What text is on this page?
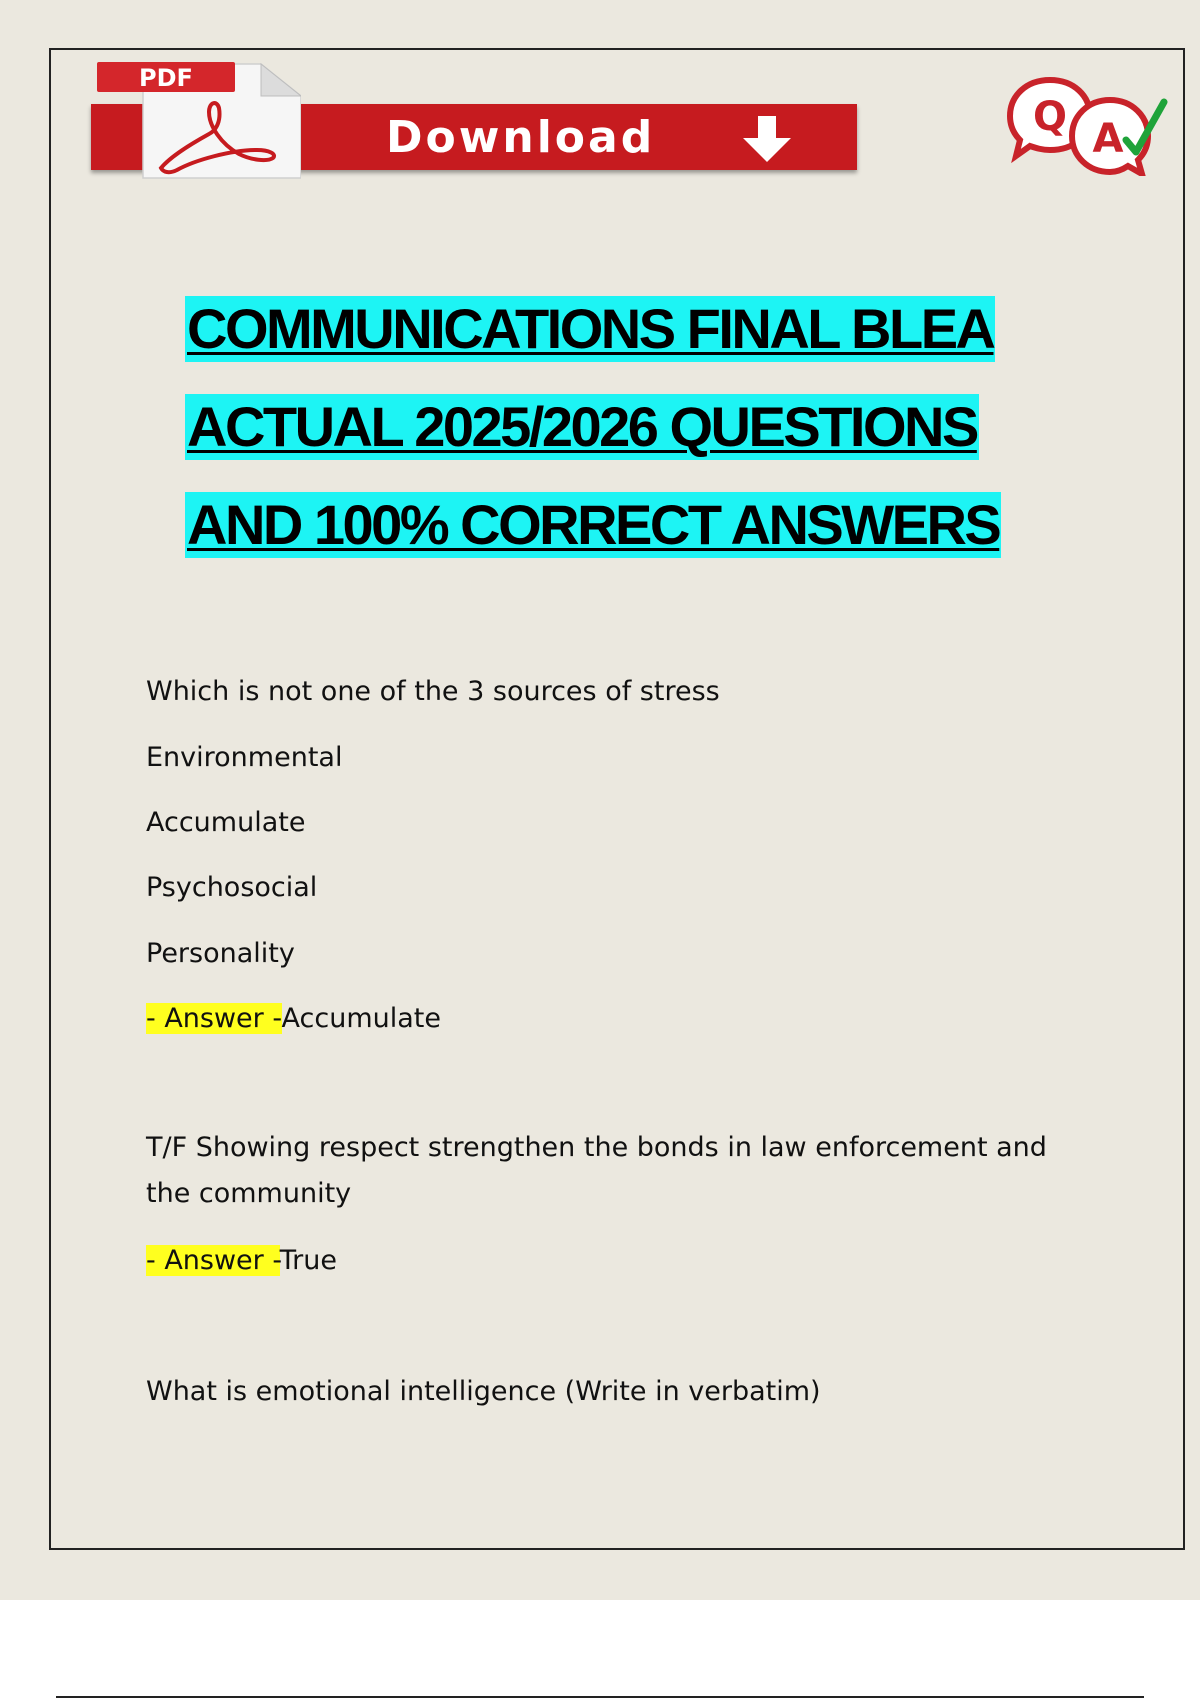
Download
PDF
Q A
COMMUNICATIONS FINAL BLEA
ACTUAL 2025/2026 QUESTIONS
AND 100% CORRECT ANSWERS
Which is not one of the 3 sources of stress
Environmental
Accumulate
Psychosocial
Personality
- Answer -Accumulate
T/F Showing respect strengthen the bonds in law enforcement and the community
- Answer -True
What is emotional intelligence (Write in verbatim)
